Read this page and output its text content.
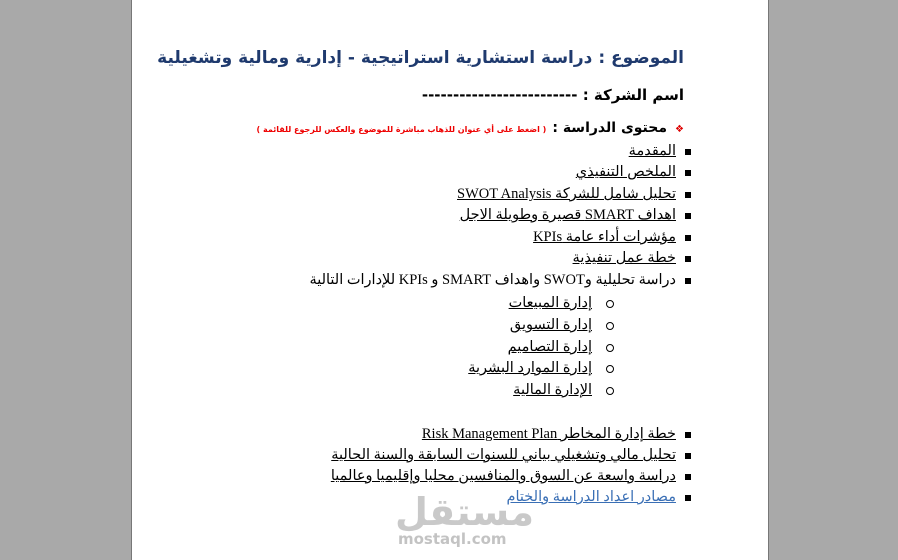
الموضوع : دراسة استشارية استراتيجية - إدارية ومالية وتشغيلية
اسم الشركة : -------------------------
❖محتوى الدراسة :( اضغط على أي عنوان للذهاب مباشرة للموضوع والعكس للرجوع للقائمة )
المقدمة
الملخص التنفيذي
تحليل شامل للشركة SWOT Analysis
اهداف SMART قصيرة وطويلة الاجل
مؤشرات أداء عامة KPIs
خطة عمل تنفيذية
دراسة تحليلية وSWOT واهداف SMART و KPIs للإدارات التالية
إدارة المبيعات
إدارة التسويق
إدارة التصاميم
إدارة الموارد البشرية
الإدارة المالية
خطة إدارة المخاطر Risk Management Plan
تحليل مالي وتشغيلي بياني للسنوات السابقة والسنة الحالية
دراسة واسعة عن السوق والمنافسين محليا وإقليميا وعالميا
مصادر اعداد الدراسة والختام
مستقل
mostaql.com
